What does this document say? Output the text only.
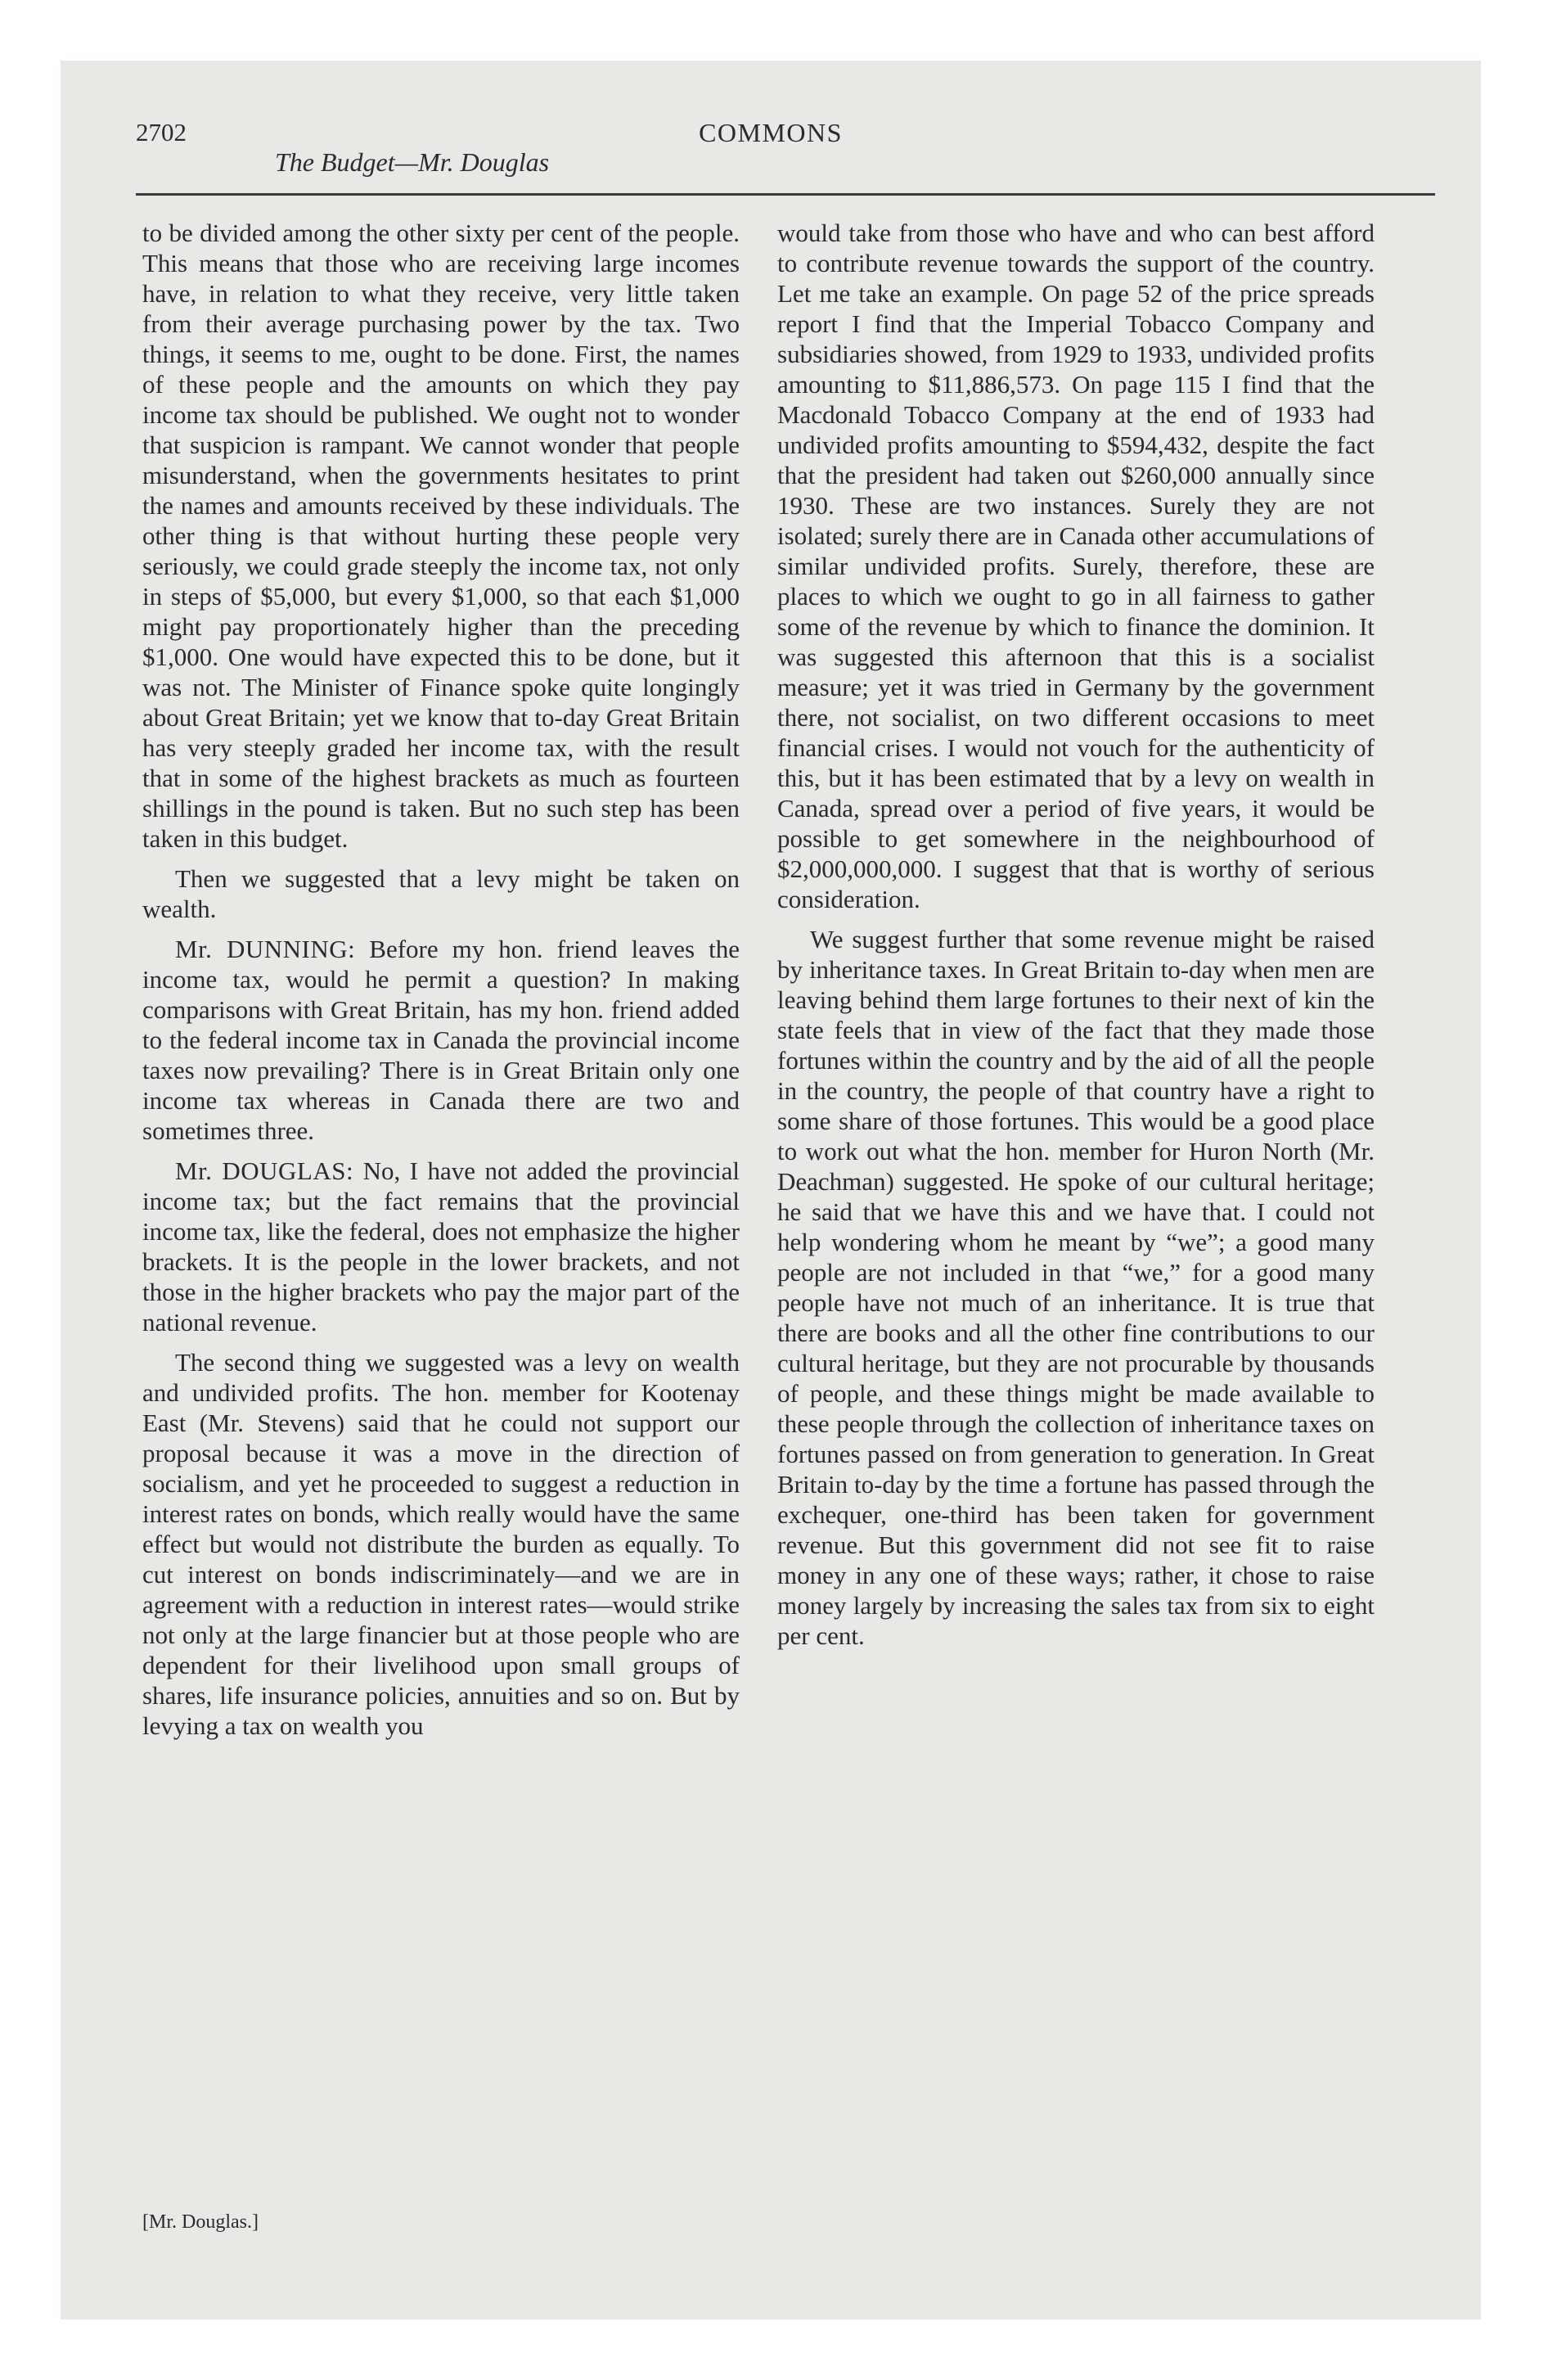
2702	COMMONS
The Budget—Mr. Douglas

to be divided among the other sixty per cent of the people. This means that those who are receiving large incomes have, in relation to what they receive, very little taken from their average purchasing power by the tax. Two things, it seems to me, ought to be done. First, the names of these people and the amounts on which they pay income tax should be published. We ought not to wonder that suspicion is rampant. We cannot wonder that people misunderstand, when the governments hesitates to print the names and amounts received by these individuals. The other thing is that without hurting these people very seriously, we could grade steeply the income tax, not only in steps of $5,000, but every $1,000, so that each $1,000 might pay proportionately higher than the preceding $1,000. One would have expected this to be done, but it was not. The Minister of Finance spoke quite longingly about Great Britain; yet we know that to-day Great Britain has very steeply graded her income tax, with the result that in some of the highest brackets as much as fourteen shillings in the pound is taken. But no such step has been taken in this budget.

Then we suggested that a levy might be taken on wealth.

Mr. DUNNING: Before my hon. friend leaves the income tax, would he permit a question? In making comparisons with Great Britain, has my hon. friend added to the federal income tax in Canada the provincial income taxes now prevailing? There is in Great Britain only one income tax whereas in Canada there are two and sometimes three.

Mr. DOUGLAS: No, I have not added the provincial income tax; but the fact remains that the provincial income tax, like the federal, does not emphasize the higher brackets. It is the people in the lower brackets, and not those in the higher brackets who pay the major part of the national revenue.

The second thing we suggested was a levy on wealth and undivided profits. The hon. member for Kootenay East (Mr. Stevens) said that he could not support our proposal because it was a move in the direction of socialism, and yet he proceeded to suggest a reduction in interest rates on bonds, which really would have the same effect but would not distribute the burden as equally. To cut interest on bonds indiscriminately—and we are in agreement with a reduction in interest rates—would strike not only at the large financier but at those people who are dependent for their livelihood upon small groups of shares, life insurance policies, annuities and so on. But by levying a tax on wealth you

would take from those who have and who can best afford to contribute revenue towards the support of the country. Let me take an example. On page 52 of the price spreads report I find that the Imperial Tobacco Company and subsidiaries showed, from 1929 to 1933, undivided profits amounting to $11,886,573. On page 115 I find that the Macdonald Tobacco Company at the end of 1933 had undivided profits amounting to $594,432, despite the fact that the president had taken out $260,000 annually since 1930. These are two instances. Surely they are not isolated; surely there are in Canada other accumulations of similar undivided profits. Surely, therefore, these are places to which we ought to go in all fairness to gather some of the revenue by which to finance the dominion. It was suggested this afternoon that this is a socialist measure; yet it was tried in Germany by the government there, not socialist, on two different occasions to meet financial crises. I would not vouch for the authenticity of this, but it has been estimated that by a levy on wealth in Canada, spread over a period of five years, it would be possible to get somewhere in the neighbourhood of $2,000,000,000. I suggest that that is worthy of serious consideration.

We suggest further that some revenue might be raised by inheritance taxes. In Great Britain to-day when men are leaving behind them large fortunes to their next of kin the state feels that in view of the fact that they made those fortunes within the country and by the aid of all the people in the country, the people of that country have a right to some share of those fortunes. This would be a good place to work out what the hon. member for Huron North (Mr. Deachman) suggested. He spoke of our cultural heritage; he said that we have this and we have that. I could not help wondering whom he meant by “we”; a good many people are not included in that “we,” for a good many people have not much of an inheritance. It is true that there are books and all the other fine contributions to our cultural heritage, but they are not procurable by thousands of people, and these things might be made available to these people through the collection of inheritance taxes on fortunes passed on from generation to generation. In Great Britain to-day by the time a fortune has passed through the exchequer, one-third has been taken for government revenue. But this government did not see fit to raise money in any one of these ways; rather, it chose to raise money largely by increasing the sales tax from six to eight per cent.

[Mr. Douglas.]
